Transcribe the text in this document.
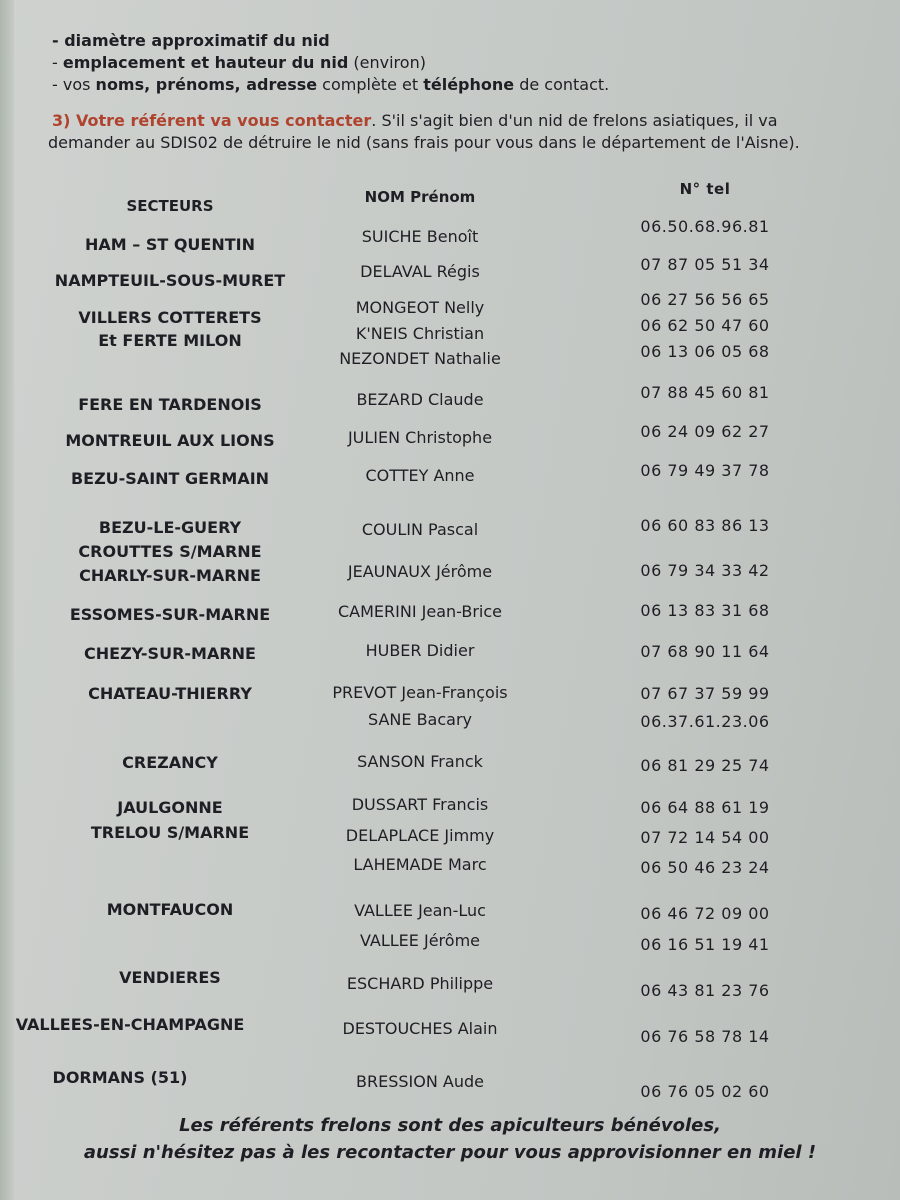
- diamètre approximatif du nid
- emplacement et hauteur du nid (environ)
- vos noms, prénoms, adresse complète et téléphone de contact.
3) Votre référent va vous contacter. S'il s'agit bien d'un nid de frelons asiatiques, il va
demander au SDIS02 de détruire le nid (sans frais pour vous dans le département de l'Aisne).
SECTEURS	NOM Prénom	N° tel
HAM – ST QUENTIN
NAMPTEUIL-SOUS-MURET
VILLERS COTTERETS
Et FERTE MILON
FERE EN TARDENOIS
MONTREUIL AUX LIONS
BEZU-SAINT GERMAIN
BEZU-LE-GUERY
CROUTTES S/MARNE
CHARLY-SUR-MARNE
ESSOMES-SUR-MARNE
CHEZY-SUR-MARNE
CHATEAU-THIERRY
CREZANCY
JAULGONNE
TRELOU S/MARNE
MONTFAUCON
VENDIERES
VALLEES-EN-CHAMPAGNE
DORMANS (51)
SUICHE Benoît
DELAVAL Régis
MONGEOT Nelly
K'NEIS Christian
NEZONDET Nathalie
BEZARD Claude
JULIEN Christophe
COTTEY Anne
COULIN Pascal
JEAUNAUX Jérôme
CAMERINI Jean-Brice
HUBER Didier
PREVOT Jean-François
SANE Bacary
SANSON Franck
DUSSART Francis
DELAPLACE Jimmy
LAHEMADE Marc
VALLEE Jean-Luc
VALLEE Jérôme
ESCHARD Philippe
DESTOUCHES Alain
BRESSION Aude
06.50.68.96.81
07 87 05 51 34
06 27 56 56 65
06 62 50 47 60
06 13 06 05 68
07 88 45 60 81
06 24 09 62 27
06 79 49 37 78
06 60 83 86 13
06 79 34 33 42
06 13 83 31 68
07 68 90 11 64
07 67 37 59 99
06.37.61.23.06
06 81 29 25 74
06 64 88 61 19
07 72 14 54 00
06 50 46 23 24
06 46 72 09 00
06 16 51 19 41
06 43 81 23 76
06 76 58 78 14
06 76 05 02 60
Les référents frelons sont des apiculteurs bénévoles,
aussi n'hésitez pas à les recontacter pour vous approvisionner en miel !
